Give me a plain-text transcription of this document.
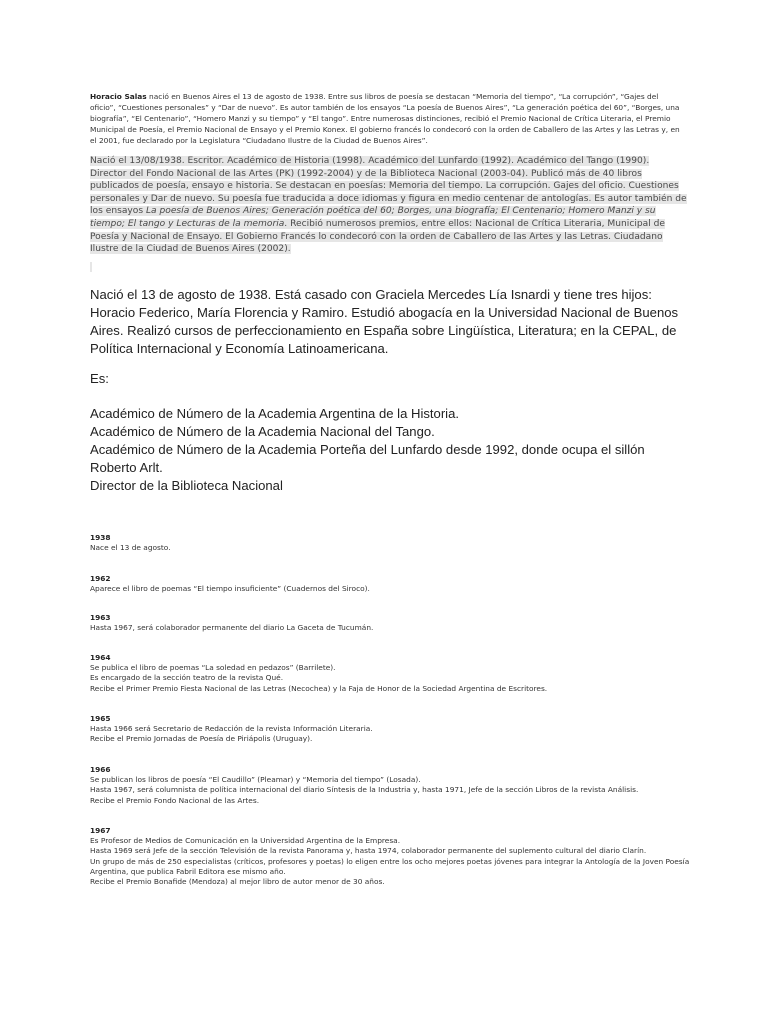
Horacio Salas nació en Buenos Aires el 13 de agosto de 1938. Entre sus libros de poesía se destacan “Memoria del tiempo”, “La corrupción”, “Gajes del oficio”, “Cuestiones personales” y “Dar de nuevo”. Es autor también de los ensayos “La poesía de Buenos Aires”, “La generación poética del 60”, “Borges, una biografía”, “El Centenario”, “Homero Manzi y su tiempo” y “El tango”. Entre numerosas distinciones, recibió el Premio Nacional de Crítica Literaria, el Premio Municipal de Poesía, el Premio Nacional de Ensayo y el Premio Konex. El gobierno francés lo condecoró con la orden de Caballero de las Artes y las Letras y, en el 2001, fue declarado por la Legislatura “Ciudadano Ilustre de la Ciudad de Buenos Aires”.
Nació el 13/08/1938. Escritor. Académico de Historia (1998). Académico del Lunfardo (1992). Académico del Tango (1990). Director del Fondo Nacional de las Artes (PK) (1992-2004) y de la Biblioteca Nacional (2003-04). Publicó más de 40 libros publicados de poesía, ensayo e historia. Se destacan en poesías: Memoria del tiempo. La corrupción. Gajes del oficio. Cuestiones personales y Dar de nuevo. Su poesía fue traducida a doce idiomas y figura en medio centenar de antologías. Es autor también de los ensayos La poesía de Buenos Aires; Generación poética del 60; Borges, una biografía; El Centenario; Homero Manzi y su tiempo; El tango y Lecturas de la memoria. Recibió numerosos premios, entre ellos: Nacional de Crítica Literaria, Municipal de Poesía y Nacional de Ensayo. El Gobierno Francés lo condecoró con la orden de Caballero de las Artes y las Letras. Ciudadano Ilustre de la Ciudad de Buenos Aires (2002).
Nació el 13 de agosto de 1938. Está casado con Graciela Mercedes Lía Isnardi y tiene tres hijos: Horacio Federico, María Florencia y Ramiro. Estudió abogacía en la Universidad Nacional de Buenos Aires. Realizó cursos de perfeccionamiento en España sobre Lingüística, Literatura; en la CEPAL, de Política Internacional y Economía Latinoamericana.
Es:
Académico de Número de la Academia Argentina de la Historia.
Académico de Número de la Academia Nacional del Tango.
Académico de Número de la Academia Porteña del Lunfardo desde 1992, donde ocupa el sillón Roberto Arlt.
Director de la Biblioteca Nacional
1938
Nace el 13 de agosto.
1962
Aparece el libro de poemas “El tiempo insuficiente” (Cuadernos del Siroco).
1963
Hasta 1967, será colaborador permanente del diario La Gaceta de Tucumán.
1964
Se publica el libro de poemas “La soledad en pedazos” (Barrilete).
Es encargado de la sección teatro de la revista Qué.
Recibe el Primer Premio Fiesta Nacional de las Letras (Necochea) y la Faja de Honor de la Sociedad Argentina de Escritores.
1965
Hasta 1966 será Secretario de Redacción de la revista Información Literaria.
Recibe el Premio Jornadas de Poesía de Piriápolis (Uruguay).
1966
Se publican los libros de poesía “El Caudillo” (Pleamar) y “Memoria del tiempo” (Losada).
Hasta 1967, será columnista de política internacional del diario Síntesis de la Industria y, hasta 1971, Jefe de la sección Libros de la revista Análisis.
Recibe el Premio Fondo Nacional de las Artes.
1967
Es Profesor de Medios de Comunicación en la Universidad Argentina de la Empresa.
Hasta 1969 será Jefe de la sección Televisión de la revista Panorama y, hasta 1974, colaborador permanente del suplemento cultural del diario Clarín.
Un grupo de más de 250 especialistas (críticos, profesores y poetas) lo eligen entre los ocho mejores poetas jóvenes para integrar la Antología de la Joven Poesía Argentina, que publica Fabril Editora ese mismo año.
Recibe el Premio Bonafide (Mendoza) al mejor libro de autor menor de 30 años.
